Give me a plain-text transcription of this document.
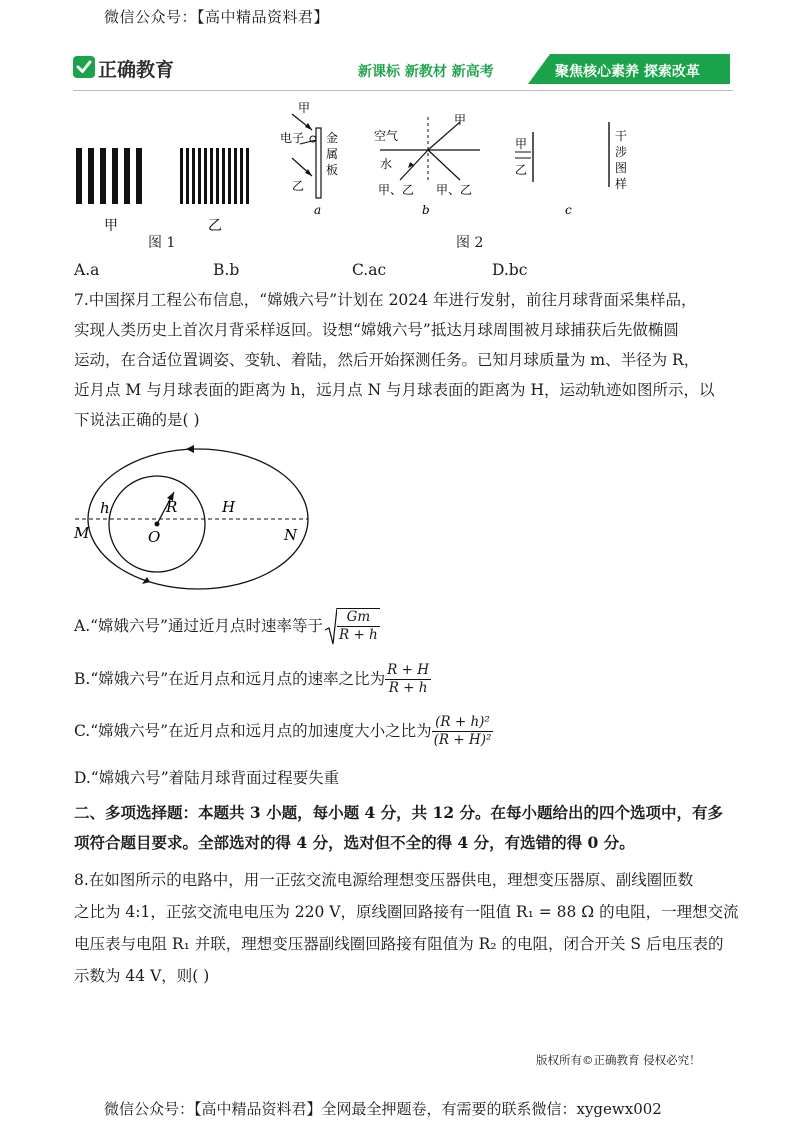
微信公众号：【高中精品资料君】
正确教育	新课标 新教材 新高考	聚焦核心素养 探索改革
甲	乙
图 1
甲
电子
乙
金
属
板
a
空气
水
甲
甲、乙 甲、乙
b
甲
乙
干
涉
图
样
c
图 2
A.a	B.b	C.ac	D.bc
7.中国探月工程公布信息，“嫦娥六号”计划在 2024 年进行发射，前往月球背面采集样品，
实现人类历史上首次月背采样返回。设想“嫦娥六号”抵达月球周围被月球捕获后先做椭圆
运动，在合适位置调姿、变轨、着陆，然后开始探测任务。已知月球质量为 m、半径为 R，
近月点 M 与月球表面的距离为 h，远月点 N 与月球表面的距离为 H，运动轨迹如图所示，以
下说法正确的是( )
h	R	H
M	O	N
A.“嫦娥六号”通过近月点时速率等于 $\frac{Gm}{R + h}$
B.“嫦娥六号”在近月点和远月点的速率之比为 $\frac{R + H}{R + h}$
C.“嫦娥六号”在近月点和远月点的加速度大小之比为 $\frac{\text{(R + h)²}}{\text{(R + H)²}}$
D.“嫦娥六号”着陆月球背面过程要失重
二、多项选择题：本题共 3 小题，每小题 4 分，共 12 分。在每小题给出的四个选项中，有多
项符合题目要求。全部选对的得 4 分，选对但不全的得 4 分，有选错的得 0 分。
8.在如图所示的电路中，用一正弦交流电源给理想变压器供电，理想变压器原、副线圈匝数
之比为 4:1，正弦交流电电压为 220 V，原线圈回路接有一阻值 R₁ = 88 Ω 的电阻，一理想交流
电压表与电阻 R₁ 并联，理想变压器副线圈回路接有阻值为 R₂ 的电阻，闭合开关 S 后电压表的
示数为 44 V，则( )
版权所有©正确教育 侵权必究！
微信公众号：【高中精品资料君】全网最全押题卷，有需要的联系微信：xygewx002
